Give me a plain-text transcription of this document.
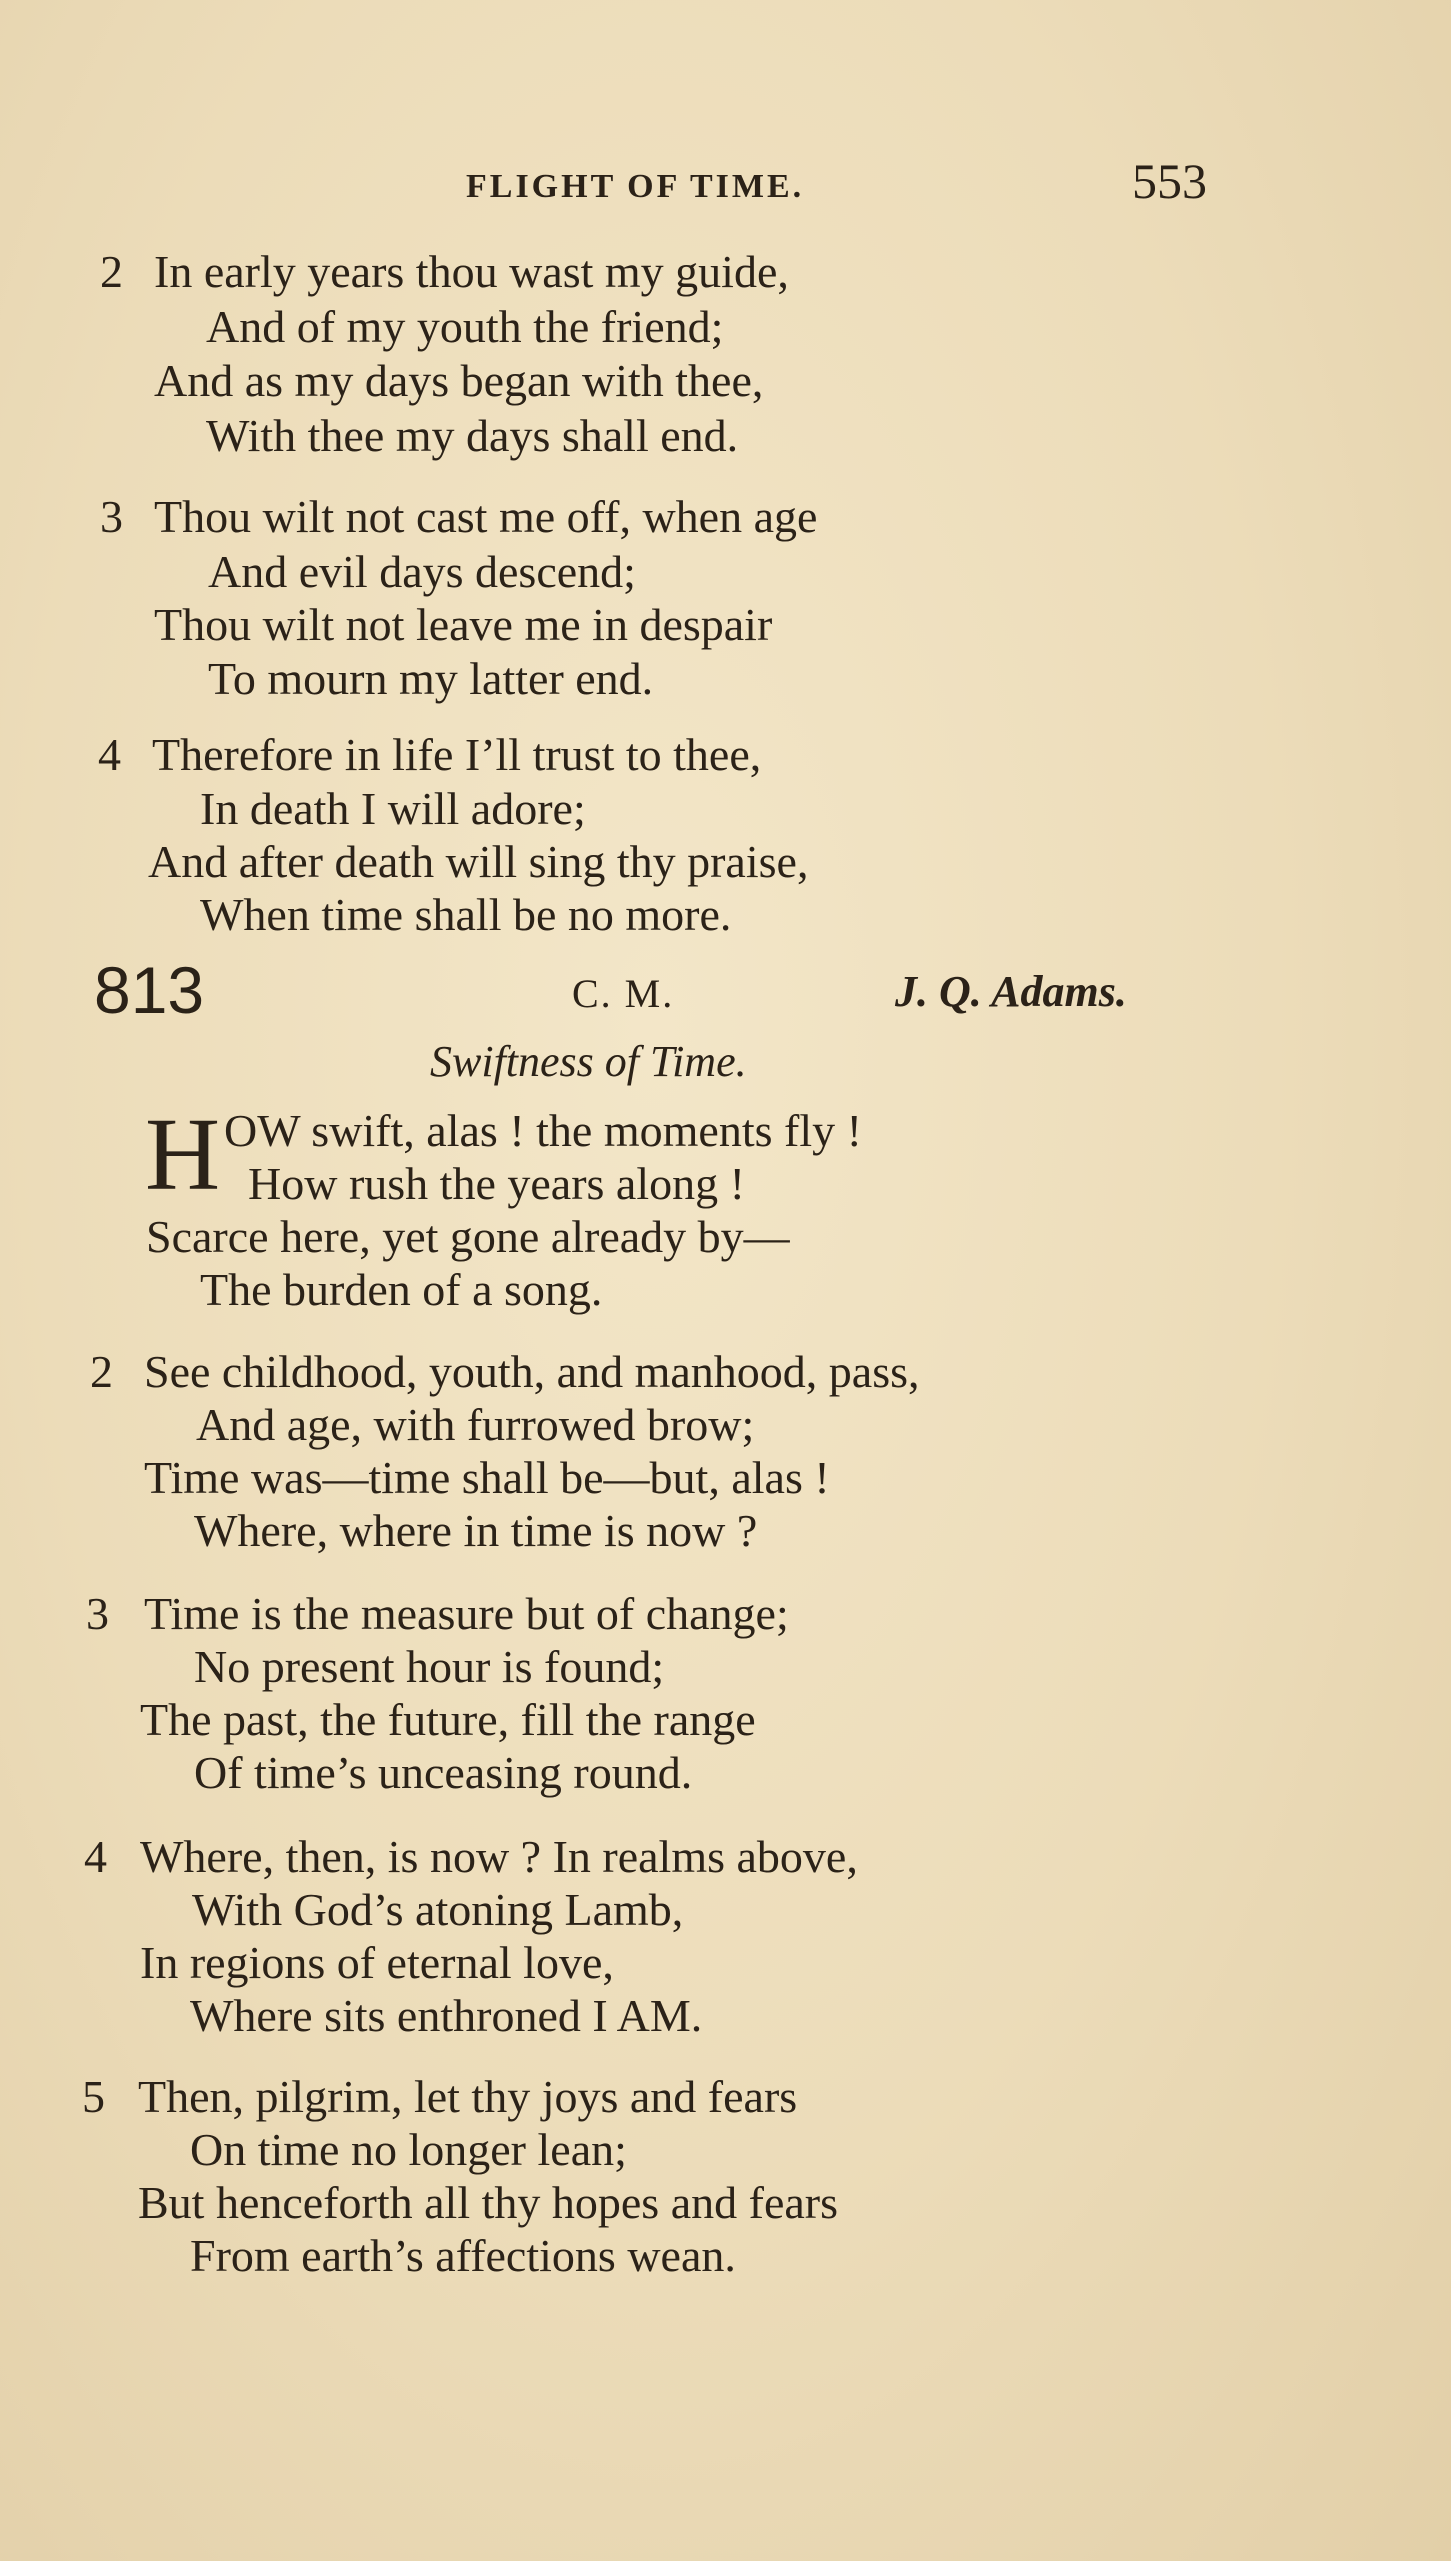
FLIGHT OF TIME.	553
2 In early years thou wast my guide,
And of my youth the friend;
And as my days began with thee,
With thee my days shall end.
3 Thou wilt not cast me off, when age
And evil days descend;
Thou wilt not leave me in despair
To mourn my latter end.
4 Therefore in life I’ll trust to thee,
In death I will adore;
And after death will sing thy praise,
When time shall be no more.
813	C. M.	J. Q. Adams.
Swiftness of Time.
H OW swift, alas ! the moments fly !
How rush the years along !
Scarce here, yet gone already by—
The burden of a song.
2 See childhood, youth, and manhood, pass,
And age, with furrowed brow;
Time was—time shall be—but, alas !
Where, where in time is now ?
3 Time is the measure but of change;
No present hour is found;
The past, the future, fill the range
Of time’s unceasing round.
4 Where, then, is now ? In realms above,
With God’s atoning Lamb,
In regions of eternal love,
Where sits enthroned I AM.
5 Then, pilgrim, let thy joys and fears
On time no longer lean;
But henceforth all thy hopes and fears
From earth’s affections wean.
